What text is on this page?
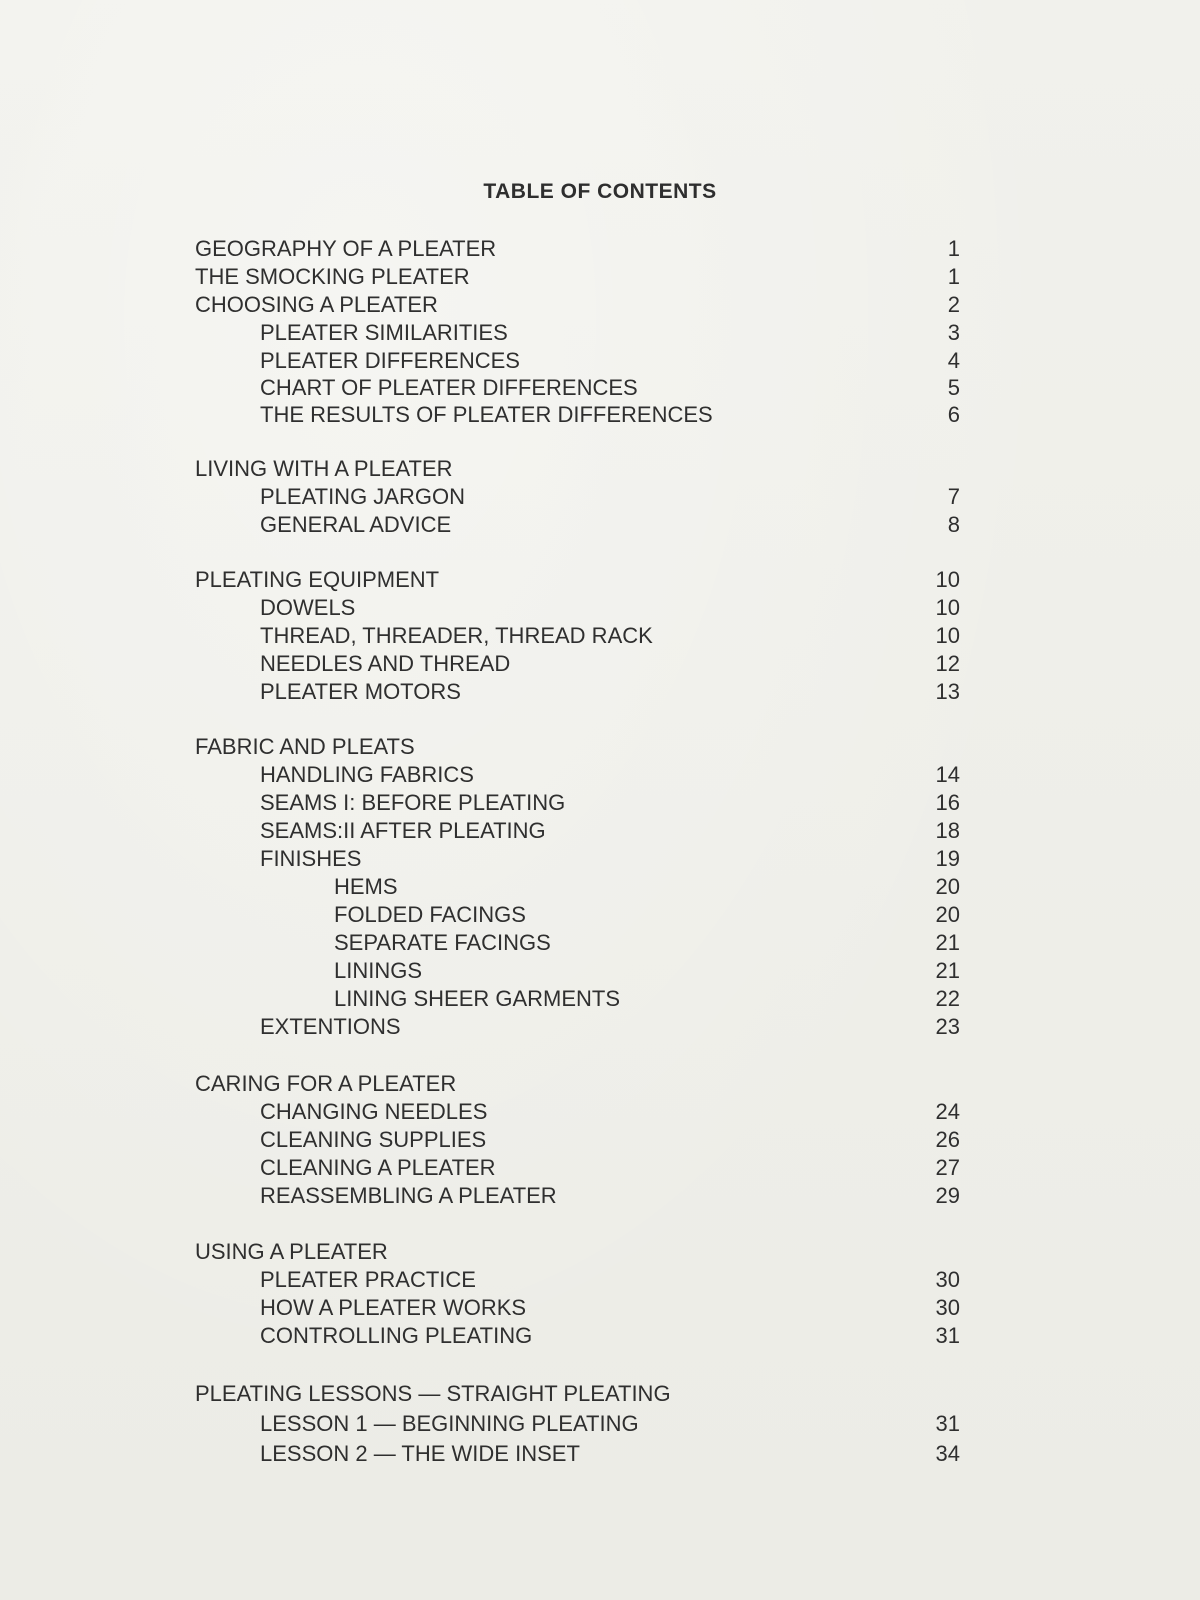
TABLE OF CONTENTS
GEOGRAPHY OF A PLEATER	1
THE SMOCKING PLEATER	1
CHOOSING A PLEATER	2
PLEATER SIMILARITIES	3
PLEATER DIFFERENCES	4
CHART OF PLEATER DIFFERENCES	5
THE RESULTS OF PLEATER DIFFERENCES	6
LIVING WITH A PLEATER
PLEATING JARGON	7
GENERAL ADVICE	8
PLEATING EQUIPMENT	10
DOWELS	10
THREAD, THREADER, THREAD RACK	10
NEEDLES AND THREAD	12
PLEATER MOTORS	13
FABRIC AND PLEATS
HANDLING FABRICS	14
SEAMS I: BEFORE PLEATING	16
SEAMS:II AFTER PLEATING	18
FINISHES	19
HEMS	20
FOLDED FACINGS	20
SEPARATE FACINGS	21
LININGS	21
LINING SHEER GARMENTS	22
EXTENTIONS	23
CARING FOR A PLEATER
CHANGING NEEDLES	24
CLEANING SUPPLIES	26
CLEANING A PLEATER	27
REASSEMBLING A PLEATER	29
USING A PLEATER
PLEATER PRACTICE	30
HOW A PLEATER WORKS	30
CONTROLLING PLEATING	31
PLEATING LESSONS — STRAIGHT PLEATING
LESSON 1 — BEGINNING PLEATING	31
LESSON 2 — THE WIDE INSET	34
